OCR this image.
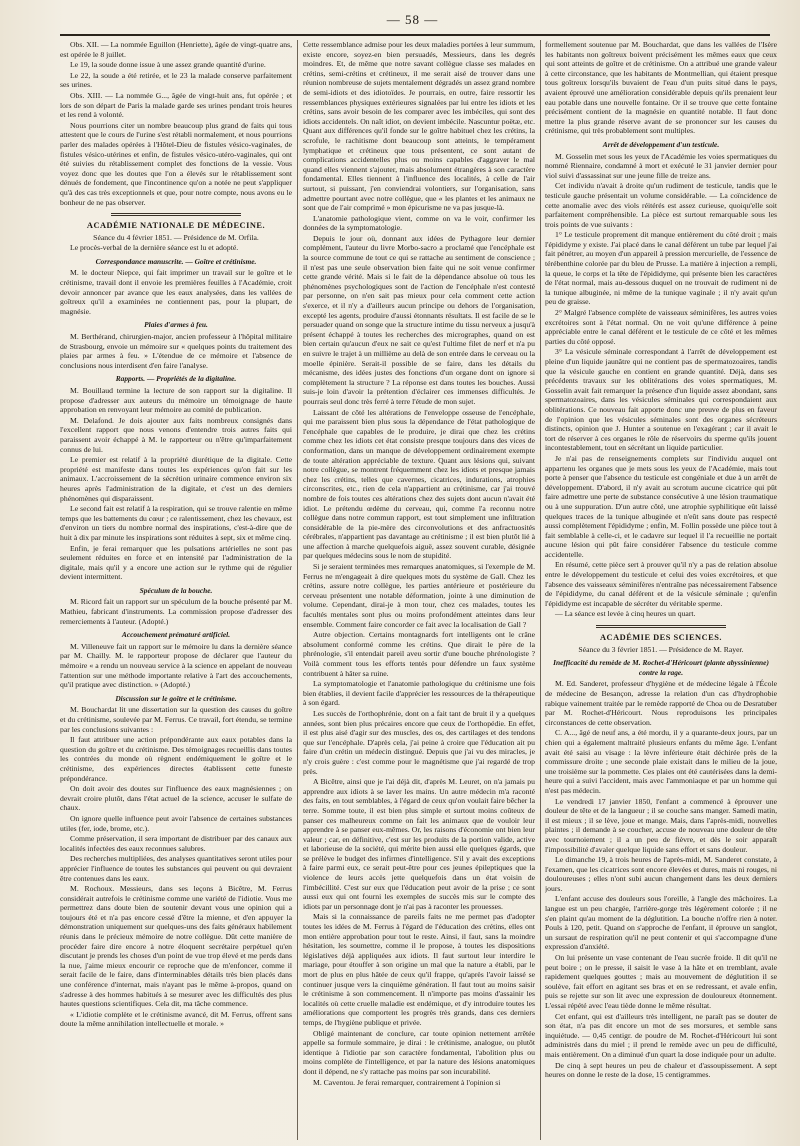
— 58 —

Obs. XII. — La nommée Eguillon (Henriette), âgée de vingt-quatre ans, est opérée le 8 juillet.

Le 19, la soude donne issue à une assez grande quantité d'urine.

Le 22, la soude a été retirée, et le 23 la malade conserve parfaitement ses urines.

Obs. XIII. — La nommée G..., âgée de vingt-huit ans, fut opérée ; et lors de son départ de Paris la malade garde ses urines pendant trois heures et les rend à volonté.

Nous pourrions citer un nombre beaucoup plus grand de faits qui tous attestent que le cours de l'urine s'est rétabli normalement, et nous pourrions parler des malades opérées à l'Hôtel-Dieu de fistules vésico-vaginales, de fistules vésico-utérines et enfin, de fistules vésico-utéro-vaginales, qui ont été suivies du rétablissement complet des fonctions de la vessie. Vous voyez donc que les doutes que l'on a élevés sur le rétablissement sont dénués de fondement, que l'incontinence qu'on a notée ne peut s'appliquer qu'à des cas très exceptionnels et que, pour notre compte, nous avons eu le bonheur de ne pas observer.

ACADÉMIE NATIONALE DE MÉDECINE.

Séance du 4 février 1851. — Présidence de M. Orfila.

Le procès-verbal de la dernière séance est lu et adopté.

Correspondance manuscrite. — Goître et crétinisme.

M. le docteur Niepce, qui fait imprimer un travail sur le goître et le crétinisme, travail dont il envoie les premières feuilles à l'Académie, croit devoir annoncer par avance que les eaux analysées, dans les vallées de goîtreux qu'il a examinées ne contiennent pas, pour la plupart, de magnésie.

Plaies d'armes à feu.

M. Berthérand, chirurgien-major, ancien professeur à l'hôpital militaire de Strasbourg, envoie un mémoire sur « quelques points du traitement des plaies par armes à feu. » L'étendue de ce mémoire et l'absence de conclusions nous interdisent d'en faire l'analyse.

Rapports. — Propriétés de la digitaline.

M. Bouillaud termine la lecture de son rapport sur la digitaline. Il propose d'adresser aux auteurs du mémoire un témoignage de haute approbation en renvoyant leur mémoire au comité de publication.

M. Delafond. Je dois ajouter aux faits nombreux consignés dans l'excellent rapport que nous venons d'entendre trois autres faits qui paraissent avoir échappé à M. le rapporteur ou n'être qu'imparfaitement connus de lui.

Le premier est relatif à la propriété diurétique de la digitale. Cette propriété est manifeste dans toutes les expériences qu'on fait sur les animaux. L'accroissement de la sécrétion urinaire commence environ six heures après l'administration de la digitale, et c'est un des derniers phénomènes qui disparaissent.

Le second fait est relatif à la respiration, qui se trouve ralentie en même temps que les battements du cœur ; ce ralentissement, chez les chevaux, est d'environ un tiers du nombre normal des inspirations, c'est-à-dire que de huit à dix par minute les inspirations sont réduites à sept, six et même cinq.

Enfin, je ferai remarquer que les pulsations artérielles ne sont pas seulement réduites en force et en intensité par l'administration de la digitale, mais qu'il y a encore une action sur le rythme qui de régulier devient intermittent.

Spéculum de la bouche.

M. Ricord fait un rapport sur un spéculum de la bouche présenté par M. Mathieu, fabricant d'instruments. La commission propose d'adresser des remerciements à l'auteur. (Adopté.)

Accouchement prématuré artificiel.

M. Villeneuve fait un rapport sur le mémoire lu dans la dernière séance par M. Chailly. M. le rapporteur propose de déclarer que l'auteur du mémoire « a rendu un nouveau service à la science en appelant de nouveau l'attention sur une méthode importante relative à l'art des accouchements, qu'il pratique avec distinction. » (Adopté.)

Discussion sur le goître et le crétinisme.

M. Bouchardat lit une dissertation sur la question des causes du goître et du crétinisme, soulevée par M. Ferrus. Ce travail, fort étendu, se termine par les conclusions suivantes :

Il faut attribuer une action prépondérante aux eaux potables dans la question du goître et du crétinisme. Des témoignages recueillis dans toutes les contrées du monde où règnent endémiquement le goître et le crétinisme, des expériences directes établissent cette funeste prépondérance.

On doit avoir des doutes sur l'influence des eaux magnésiennes ; on devrait croire plutôt, dans l'état actuel de la science, accuser le sulfate de chaux.

On ignore quelle influence peut avoir l'absence de certaines substances utiles (fer, iode, brome, etc.).

Comme préservation, il sera important de distribuer par des canaux aux localités infectées des eaux reconnues salubres.

Des recherches multipliées, des analyses quantitatives seront utiles pour apprécier l'influence de toutes les substances qui peuvent ou qui devraient être contenues dans les eaux.

M. Rochoux. Messieurs, dans ses leçons à Bicêtre, M. Ferrus considérait autrefois le crétinisme comme une variété de l'idiotie. Vous me permettrez dans doute bien de soutenir devant vous une opinion qui a toujours été et n'a pas encore cessé d'être la mienne, et d'en appuyer la démonstration uniquement sur quelques-uns des faits généraux habilement réunis dans le précieux mémoire de notre collègue. Dût cette manière de procéder faire dire encore à notre éloquent secrétaire perpétuel qu'en discutant je prends les choses d'un point de vue trop élevé et me perds dans la nue, j'aime mieux encourir ce reproche que de m'enfoncer, comme il serait facile de le faire, dans d'interminables détails très bien placés dans une conférence d'internat, mais n'ayant pas le même à-propos, quand on s'adresse à des hommes habitués à se mesurer avec les difficultés des plus hautes questions scientifiques. Cela dit, ma tâche commence.

« L'idiotie complète et le crétinisme avancé, dit M. Ferrus, offrent sans doute la même annihilation intellectuelle et morale. »

Cette ressemblance admise pour les deux maladies portées à leur summum, existe encore, soyez-en bien persuadés, Messieurs, dans les degrés moindres. Et, de même que notre savant collègue classe ses malades en crétins, semi-crétins et crétineux, il me serait aisé de trouver dans une réunion nombreuse de sujets mentalement dégradés un assez grand nombre de semi-idiots et des idiotoïdes. Je pourrais, en outre, faire ressortir les ressemblances physiques extérieures signalées par lui entre les idiots et les crétins, sans avoir besoin de les comparer avec les imbéciles, qui sont des idiots accidentels. On naît idiot, on devient imbécile. Nascuntur poëtæ, etc. Quant aux différences qu'il fonde sur le goître habituel chez les crétins, la scrofule, le rachitisme dont beaucoup sont atteints, le tempérament lymphatique et crétineux que tous présentent, ce sont autant de complications accidentelles plus ou moins capables d'aggraver le mal quand elles viennent s'ajouter, mais absolument étrangères à son caractère fondamental. Elles tiennent à l'influence des localités, à celle de l'air surtout, si puissant, j'en conviendrai volontiers, sur l'organisation, sans admettre pourtant avec notre collègue, que « les plantes et les animaux ne sont que de l'air comprimé » mon épicurisme ne va pas jusque-là.

L'anatomie pathologique vient, comme on va le voir, confirmer les données de la symptomatologie.

Depuis le jour où, donnant aux idées de Pythagore leur dernier complément, l'auteur du livre Morbo-sacro a proclamé que l'encéphale est la source commune de tout ce qui se rattache au sentiment de conscience ; il n'est pas une seule observation bien faite qui ne soit venue confirmer cette grande vérité. Mais si le fait de la dépendance absolue où tous les phénomènes psychologiques sont de l'action de l'encéphale n'est contesté par personne, on n'en sait pas mieux pour cela comment cette action s'exerce, et il n'y a d'ailleurs aucun principe ou dehors de l'organisation, excepté les agents, produire d'aussi étonnants résultats. Il est facile de se le persuader quand on songe que la structure intime du tissu nerveux a jusqu'à présent échappé à toutes les recherches des micrographes, quand on est bien certain qu'aucun d'eux ne sait ce qu'est l'ultime filet de nerf et n'a pu en suivre le trajet à un millième au delà de son entrée dans le cerveau ou la moelle épinière. Serait-il possible de se faire, dans les détails du mécanisme, des idées justes des fonctions d'un organe dont on ignore si complètement la structure ? La réponse est dans toutes les bouches. Aussi suis-je loin d'avoir la prétention d'éclairer ces immenses difficultés. Je pourrais seul donc très ferré à terre l'étude de mon sujet.

Laissant de côté les altérations de l'enveloppe osseuse de l'encéphale, qui me paraissent bien plus sous la dépendance de l'état pathologique de l'encéphale que capables de le produire, je dirai que chez les crétins comme chez les idiots cet état consiste presque toujours dans des vices de conformation, dans un manque de développement ordinairement exempte de toute altération appréciable de texture. Quant aux lésions qui, suivant notre collègue, se montrent fréquemment chez les idiots et presque jamais chez les crétins, telles que cavernes, cicatrices, indurations, atrophies circonscrites, etc., rien de cela n'appartient au crétinisme, car j'ai trouvé nombre de fois toutes ces altérations chez des sujets dont aucun n'avait été idiot. Le prétendu œdème du cerveau, qui, comme l'a reconnu notre collègue dans notre commun rapport, est tout simplement une infiltration considérable de la pie-mère des circonvolutions et des anfractuosités cérébrales, n'appartient pas davantage au crétinisme ; il est bien plutôt lié à une affection à marche quelquefois aiguë, assez souvent curable, désignée par quelques médecins sous le nom de stupidité.

Si je seraient terminées mes remarques anatomiques, si l'exemple de M. Ferrus ne m'engageait à dire quelques mots du système de Gall. Chez les crétins, assure notre collègue, les parties antérieure et postérieure du cerveau présentent une notable déformation, jointe à une diminution de volume. Cependant, dirai-je à mon tour, chez ces malades, toutes les facultés mentales sont plus ou moins profondément atteintes dans leur ensemble. Comment faire concorder ce fait avec la localisation de Gall ?

Autre objection. Certains montagnards fort intelligents ont le crâne absolument conformé comme les crétins. Que dirait le père de la phrénologie, s'il entendait pareil aveu sortir d'une bouche phrénologiste ? Voilà comment tous les efforts tentés pour défendre un faux système contribuent à hâter sa ruine.

La symptomatologie et l'anatomie pathologique du crétinisme une fois bien établies, il devient facile d'apprécier les ressources de la thérapeutique à son égard.

Les succès de l'orthophrénie, dont on a fait tant de bruit il y a quelques années, sont bien plus précaires encore que ceux de l'orthopédie. En effet, il est plus aisé d'agir sur des muscles, des os, des cartilages et des tendons que sur l'encéphale. D'après cela, j'ai peine à croire que l'éducation ait pu faire d'un crétin un médecin distingué. Depuis que j'ai vu des miracles, je n'y crois guère : c'est comme pour le magnétisme que j'ai regardé de trop près.

A Bicêtre, ainsi que je l'ai déjà dit, d'après M. Leuret, on n'a jamais pu apprendre aux idiots à se laver les mains. Un autre médecin m'a raconté des faits, en tout semblables, à l'égard de ceux qu'on voulait faire bêcher la terre. Somme toute, il est bien plus simple et surtout moins coûteux de panser ces malheureux comme on fait les animaux que de vouloir leur apprendre à se panser eux-mêmes. Or, les raisons d'économie ont bien leur valeur ; car, en définitive, c'est sur les produits de la portion valide, active et laborieuse de la société, qui mérite bien aussi elle quelques égards, que se prélève le budget des infirmes d'intelligence. S'il y avait des exceptions à faire parmi eux, ce serait peut-être pour ces jeunes épileptiques que la violence de leurs accès jette quelquefois dans un état voisin de l'imbécillité. C'est sur eux que l'éducation peut avoir de la prise ; ce sont aussi eux qui ont fourni les exemples de succès mis sur le compte des idiots par un personnage dont je n'ai pas à raconter les prouesses.

Mais si la connaissance de pareils faits ne me permet pas d'adopter toutes les idées de M. Ferrus à l'égard de l'éducation des crétins, elles ont mon entière approbation pour tout le reste. Ainsi, il faut, sans la moindre hésitation, les soumettre, comme il le propose, à toutes les dispositions législatives déjà appliquées aux idiots. Il faut surtout leur interdire le mariage, pour étouffer à son origine un mal que la nature a établi, par le mort de plus en plus hâtée de ceux qu'il frappe, qu'après l'avoir laissé se continuer jusque vers la cinquième génération. Il faut tout au moins saisir le crétinisme à son commencement. Il n'importe pas moins d'assainir les localités où cette cruelle maladie est endémique, et d'y introduire toutes les améliorations que comportent les progrès très grands, dans ces derniers temps, de l'hygiène publique et privée.

Obligé maintenant de conclure, car toute opinion nettement arrêtée appelle sa formule sommaire, je dirai : le crétinisme, analogue, ou plutôt identique à l'idiotie par son caractère fondamental, l'abolition plus ou moins complète de l'intelligence, et par la nature des lésions anatomiques dont il dépend, ne s'y rattache pas moins par son incurabilité.

M. Caventou. Je ferai remarquer, contrairement à l'opinion si

formellement soutenue par M. Bouchardat, que dans les vallées de l'Isère les habitants non goîtreux boivent précisément les mêmes eaux que ceux qui sont atteints de goître et de crétinisme. On a attribué une grande valeur à cette circonstance, que les habitants de Montmellian, qui étaient presque tous goîtreux lorsqu'ils buvaient de l'eau d'un puits situé dans le pays, avaient éprouvé une amélioration considérable depuis qu'ils prenaient leur eau potable dans une nouvelle fontaine. Or il se trouve que cette fontaine précisément contient de la magnésie en quantité notable. Il faut donc mettre la plus grande réserve avant de se prononcer sur les causes du crétinisme, qui très probablement sont multiples.

Arrêt de développement d'un testicule.

M. Gosselin met sous les yeux de l'Académie les voies spermatiques du nommé Riennaire, condamné à mort et exécuté le 31 janvier dernier pour viol suivi d'assassinat sur une jeune fille de treize ans.

Cet individu n'avait à droite qu'un rudiment de testicule, tandis que le testicule gauche présentait un volume considérable. — La coïncidence de cette anomalie avec des viols réitérés est assez curieuse, quoiqu'elle soit parfaitement compréhensible. La pièce est surtout remarquable sous les trois points de vue suivants :

1° Le testicule proprement dit manque entièrement du côté droit ; mais l'épididyme y existe. J'ai placé dans le canal déférent un tube par lequel j'ai fait pénétrer, au moyen d'un appareil à pression mercurielle, de l'essence de térébenthine colorée par du bleu de Prusse. La matière à injection a rempli, la queue, le corps et la tête de l'épididyme, qui présente bien les caractères de l'état normal, mais au-dessous duquel on ne trouvait de rudiment ni de la tunique albuginée, ni même de la tunique vaginale ; il n'y avait qu'un peu de graisse.

2° Malgré l'absence complète de vaisseaux séminifères, les autres voies excrétoires sont à l'état normal. On ne voit qu'une différence à peine appréciable entre le canal déférent et le testicule de ce côté et les mêmes parties du côté opposé.

3° La vésicule séminale correspondant à l'arrêt de développement est pleine d'un liquide jaunâtre qui ne contient pas de spermatozoaires, tandis que la vésicule gauche en contient en grande quantité. Déjà, dans ses précédents travaux sur les oblitérations des voies spermatiques, M. Gosselin avait fait remarquer la présence d'un liquide assez abondant, sans spermatozoaires, dans les vésicules séminales qui correspondaient aux oblitérations. Ce nouveau fait apporte donc une preuve de plus en faveur de l'opinion que les vésicules séminales sont des organes sécréteurs distincts, opinion que J. Hunter a soutenue en l'exagérant ; car il avait le tort de réserver à ces organes le rôle de réservoirs du sperme qu'ils jouent incontestablement, tout en sécrétant un liquide particulier.

Je n'ai pas de renseignements complets sur l'individu auquel ont appartenu les organes que je mets sous les yeux de l'Académie, mais tout porte à penser que l'absence du testicule est congéniale et due à un arrêt de développement. D'abord, il n'y avait au scrotum aucune cicatrice qui pût faire admettre une perte de substance consécutive à une lésion traumatique ou à une suppuration. D'un autre côté, une atrophie syphilitique eût laissé quelques traces de la tunique albuginée et n'eût sans doute pas respecté aussi complètement l'épididyme ; enfin, M. Follin possède une pièce tout à fait semblable à celle-ci, et le cadavre sur lequel il l'a recueillie ne portait aucune lésion qui pût faire considérer l'absence du testicule comme accidentelle.

En résumé, cette pièce sert à prouver qu'il n'y a pas de relation absolue entre le développement du testicule et celui des voies excrétoires, et que l'absence des vaisseaux séminifères n'entraîne pas nécessairement l'absence de l'épididyme, du canal déférent et de la vésicule séminale ; qu'enfin l'épididyme est incapable de sécréter du véritable sperme.

— La séance est levée à cinq heures un quart.

ACADÉMIE DES SCIENCES.

Séance du 3 février 1851. — Présidence de M. Rayer.

Inefficacité du remède de M. Rochet-d'Héricourt (plante abyssinienne) contre la rage.

M. Ed. Sanderet, professeur d'hygiène et de médecine légale à l'École de médecine de Besançon, adresse la relation d'un cas d'hydrophobie rabique vainement traitée par le remède rapporté de Choa ou de Desratuber par M. Rochet-d'Héricourt. Nous reproduisons les principales circonstances de cette observation.

C. A..., âgé de neuf ans, a été mordu, il y a quarante-deux jours, par un chien qui a également maltraité plusieurs enfants du même âge. L'enfant avait été saisi au visage : la lèvre inférieure était déchirée près de la commissure droite ; une seconde plaie existait dans le milieu de la joue, une troisième sur la pommette. Ces plaies ont été cautérisées dans la demi-heure qui a suivi l'accident, mais avec l'ammoniaque et par un homme qui n'est pas médecin.

Le vendredi 17 janvier 1850, l'enfant a commencé à éprouver une douleur de tête et de la langueur ; il se couche sans manger. Samedi matin, il est mieux ; il se lève, joue et mange. Mais, dans l'après-midi, nouvelles plaintes ; il demande à se coucher, accuse de nouveau une douleur de tête avec tournoiement ; il a un peu de fièvre, et dès le soir apparaît l'impossibilité d'avaler quelque liquide sans effort et sans douleur.

Le dimanche 19, à trois heures de l'après-midi, M. Sanderet constate, à l'examen, que les cicatrices sont encore élevées et dures, mais ni rouges, ni douloureuses ; elles n'ont subi aucun changement dans les deux derniers jours.

L'enfant accuse des douleurs sous l'oreille, à l'angle des mâchoires. La langue est un peu chargée, l'arrière-gorge très légèrement colorée ; il ne s'en plaint qu'au moment de la déglutition. La bouche n'offre rien à noter. Pouls à 120, petit. Quand on s'approche de l'enfant, il éprouve un sanglot, un sursaut de respiration qu'il ne peut contenir et qui s'accompagne d'une expression d'anxiété.

On lui présente un vase contenant de l'eau sucrée froide. Il dit qu'il ne peut boire ; on le presse, il saisit le vase à la hâte et en tremblant, avale rapidement quelques gouttes ; mais au mouvement de déglutition il se soulève, fait effort en agitant ses bras et en se redressant, et avale enfin, puis se rejette sur son lit avec une expression de douloureux étonnement. L'essai répété avec l'eau tiède donne le même résultat.

Cet enfant, qui est d'ailleurs très intelligent, ne paraît pas se douter de son état, n'a pas dit encore un mot de ses morsures, et semble sans inquiétude. — 0,45 centigr. de poudre de M. Rochet-d'Héricourt lui sont administrés dans du miel ; il prend le remède avec un peu de difficulté, mais entièrement. On a diminué d'un quart la dose indiquée pour un adulte.

De cinq à sept heures un peu de chaleur et d'assoupissement. A sept heures on donne le reste de la dose, 15 centigrammes.
